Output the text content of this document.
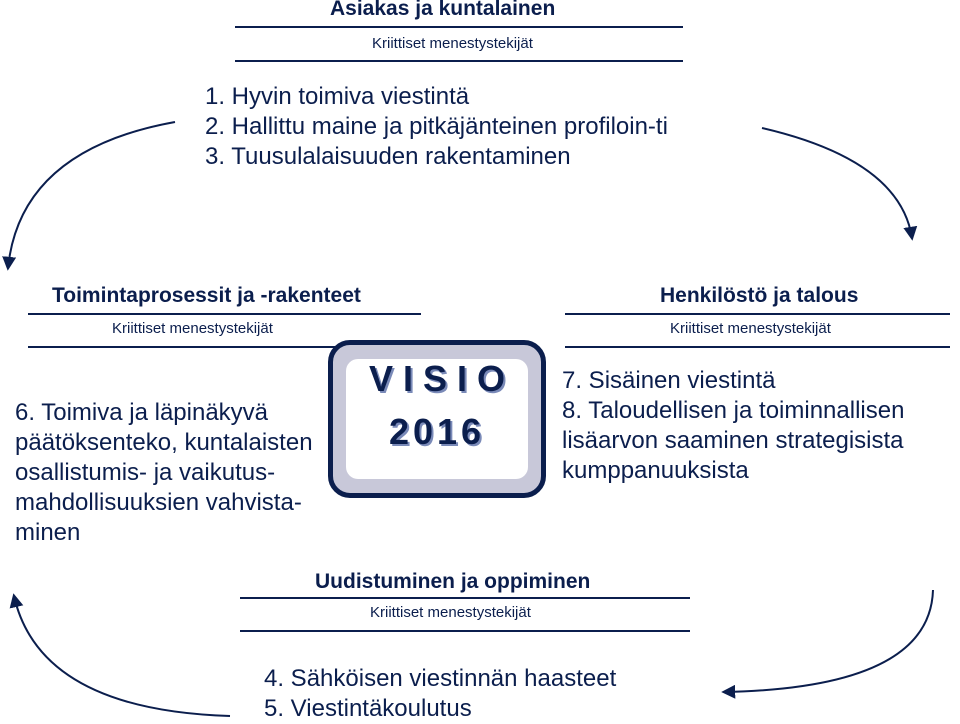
Asiakas ja kuntalainen
Kriittiset menestystekijät
1. Hyvin toimiva viestintä
2. Hallittu maine ja pitkäjänteinen profiloin-ti
3. Tuusulalaisuuden rakentaminen
Toimintaprosessit ja -rakenteet
Kriittiset menestystekijät

6. Toimiva ja läpinäkyvä päätöksenteko, kuntalaisten osallistumis- ja vaikutus-mahdollisuuksien vahvista-minen

Henkilöstö ja talous
Kriittiset menestystekijät

7. Sisäinen viestintä

8. Taloudellisen ja toiminnallisen lisäarvon saaminen strategisista kumppanuuksista

V I S I O
2016
Uudistuminen ja oppiminen
Kriittiset menestystekijät
4. Sähköisen viestinnän haasteet
5. Viestintäkoulutus
